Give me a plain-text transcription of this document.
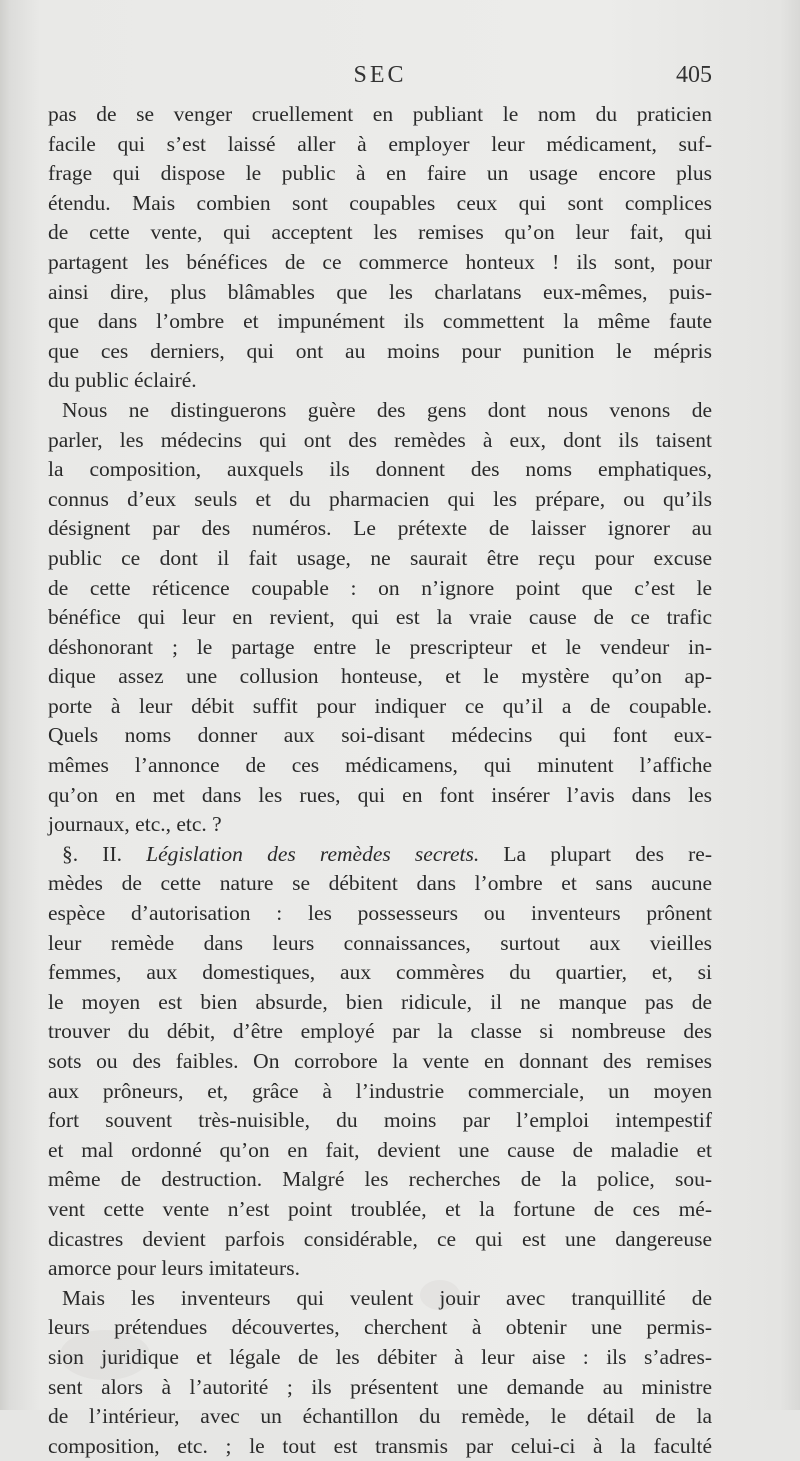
SEC	405
pas de se venger cruellement en publiant le nom du praticien
facile qui s’est laissé aller à employer leur médicament, suf-
frage qui dispose le public à en faire un usage encore plus
étendu. Mais combien sont coupables ceux qui sont complices
de cette vente, qui acceptent les remises qu’on leur fait, qui
partagent les bénéfices de ce commerce honteux ! ils sont, pour
ainsi dire, plus blâmables que les charlatans eux-mêmes, puis-
que dans l’ombre et impunément ils commettent la même faute
que ces derniers, qui ont au moins pour punition le mépris
du public éclairé.
Nous ne distinguerons guère des gens dont nous venons de
parler, les médecins qui ont des remèdes à eux, dont ils taisent
la composition, auxquels ils donnent des noms emphatiques,
connus d’eux seuls et du pharmacien qui les prépare, ou qu’ils
désignent par des numéros. Le prétexte de laisser ignorer au
public ce dont il fait usage, ne saurait être reçu pour excuse
de cette réticence coupable : on n’ignore point que c’est le
bénéfice qui leur en revient, qui est la vraie cause de ce trafic
déshonorant ; le partage entre le prescripteur et le vendeur in-
dique assez une collusion honteuse, et le mystère qu’on ap-
porte à leur débit suffit pour indiquer ce qu’il a de coupable.
Quels noms donner aux soi-disant médecins qui font eux-
mêmes l’annonce de ces médicamens, qui minutent l’affiche
qu’on en met dans les rues, qui en font insérer l’avis dans les
journaux, etc., etc. ?
§. II. Législation des remèdes secrets. La plupart des re-
mèdes de cette nature se débitent dans l’ombre et sans aucune
espèce d’autorisation : les possesseurs ou inventeurs prônent
leur remède dans leurs connaissances, surtout aux vieilles
femmes, aux domestiques, aux commères du quartier, et, si
le moyen est bien absurde, bien ridicule, il ne manque pas de
trouver du débit, d’être employé par la classe si nombreuse des
sots ou des faibles. On corrobore la vente en donnant des remises
aux prôneurs, et, grâce à l’industrie commerciale, un moyen
fort souvent très-nuisible, du moins par l’emploi intempestif
et mal ordonné qu’on en fait, devient une cause de maladie et
même de destruction. Malgré les recherches de la police, sou-
vent cette vente n’est point troublée, et la fortune de ces mé-
dicastres devient parfois considérable, ce qui est une dangereuse
amorce pour leurs imitateurs.
Mais les inventeurs qui veulent jouir avec tranquillité de
leurs prétendues découvertes, cherchent à obtenir une permis-
sion juridique et légale de les débiter à leur aise : ils s’adres-
sent alors à l’autorité ; ils présentent une demande au ministre
de l’intérieur, avec un échantillon du remède, le détail de la
composition, etc. ; le tout est transmis par celui-ci à la faculté
